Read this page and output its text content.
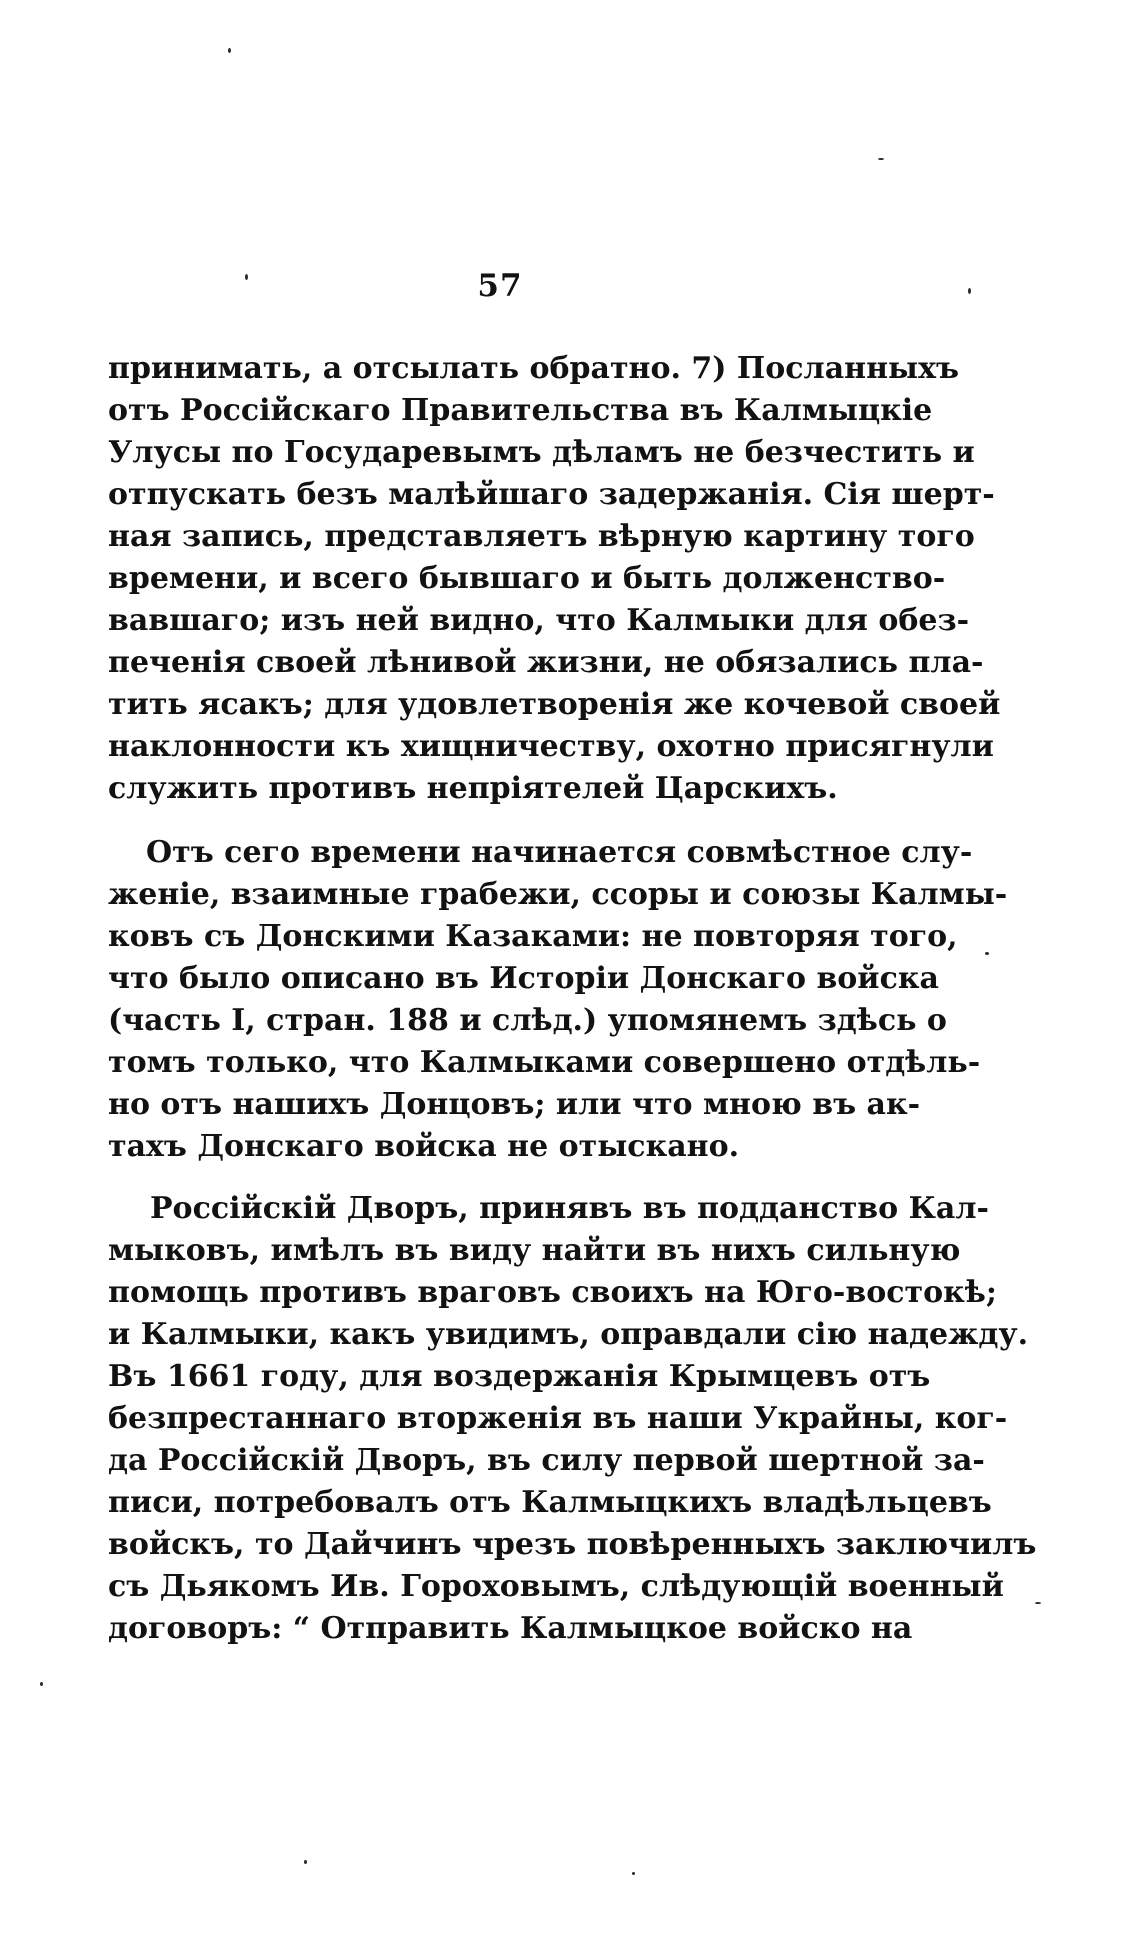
57
принимать, а отсылать обратно. 7) Посланныхъ
отъ Россійскаго Правительства въ Калмыцкіе
Улусы по Государевымъ дѣламъ не безчестить и
отпускать безъ малѣйшаго задержанія. Сія шерт-
ная запись, представляетъ вѣрную картину того
времени, и всего бывшаго и быть долженство-
вавшаго; изъ ней видно, что Калмыки для обез-
печенія своей лѣнивой жизни, не обязались пла-
тить ясакъ; для удовлетворенія же кочевой своей
наклонности къ хищничеству, охотно присягнули
служить противъ непріятелей Царскихъ.
Отъ сего времени начинается совмѣстное слу-
женіе, взаимные грабежи, ссоры и союзы Калмы-
ковъ съ Донскими Казаками: не повторяя того,
что было описано въ Исторіи Донскаго войска
(часть I, стран. 188 и слѣд.) упомянемъ здѣсь о
томъ только, что Калмыками совершено отдѣль-
но отъ нашихъ Донцовъ; или что мною въ ак-
тахъ Донскаго войска не отыскано.
Россійскій Дворъ, принявъ въ подданство Кал-
мыковъ, имѣлъ въ виду найти въ нихъ сильную
помощь противъ враговъ своихъ на Юго-востокѣ;
и Калмыки, какъ увидимъ, оправдали сію надежду.
Въ 1661 году, для воздержанія Крымцевъ отъ
безпрестаннаго вторженія въ наши Украйны, ког-
да Россійскій Дворъ, въ силу первой шертной за-
писи, потребовалъ отъ Калмыцкихъ владѣльцевъ
войскъ, то Дайчинъ чрезъ повѣренныхъ заключилъ
съ Дьякомъ Ив. Гороховымъ, слѣдующій военный
договоръ: “ Отправить Калмыцкое войско на
